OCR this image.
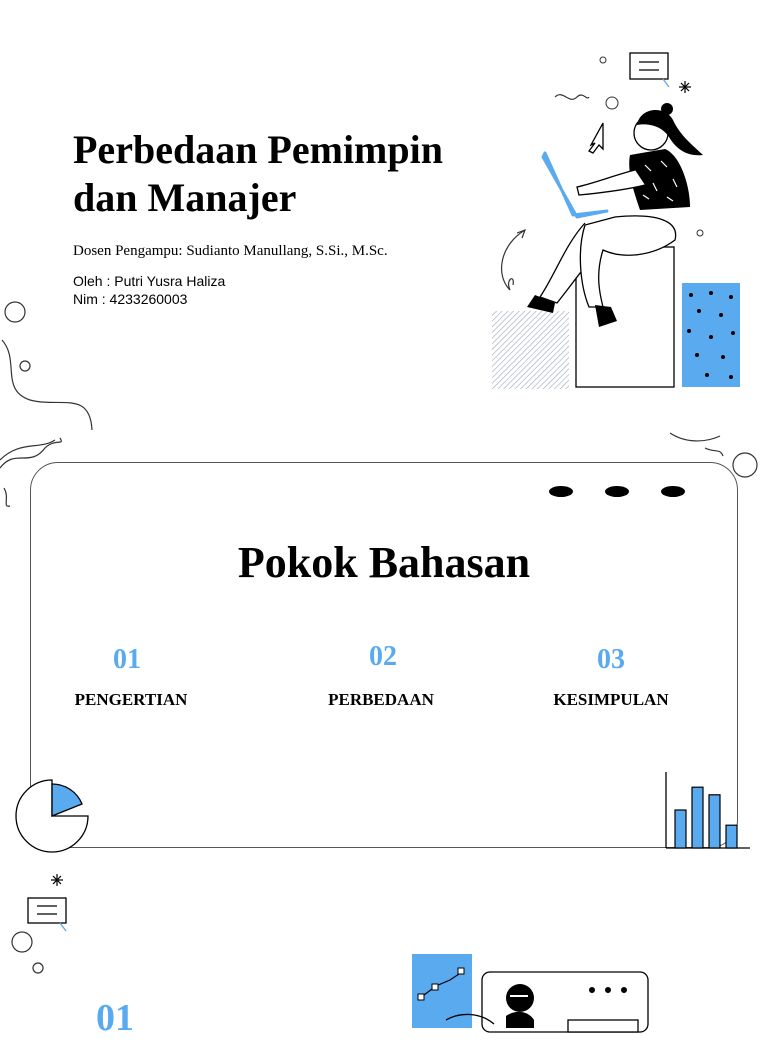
Perbedaan Pemimpin dan Manajer
Dosen Pengampu: Sudianto Manullang, S.Si., M.Sc.
Oleh : Putri Yusra Haliza
Nim : 4233260003
Pokok Bahasan
01
PENGERTIAN
02
PERBEDAAN
03
KESIMPULAN
01
